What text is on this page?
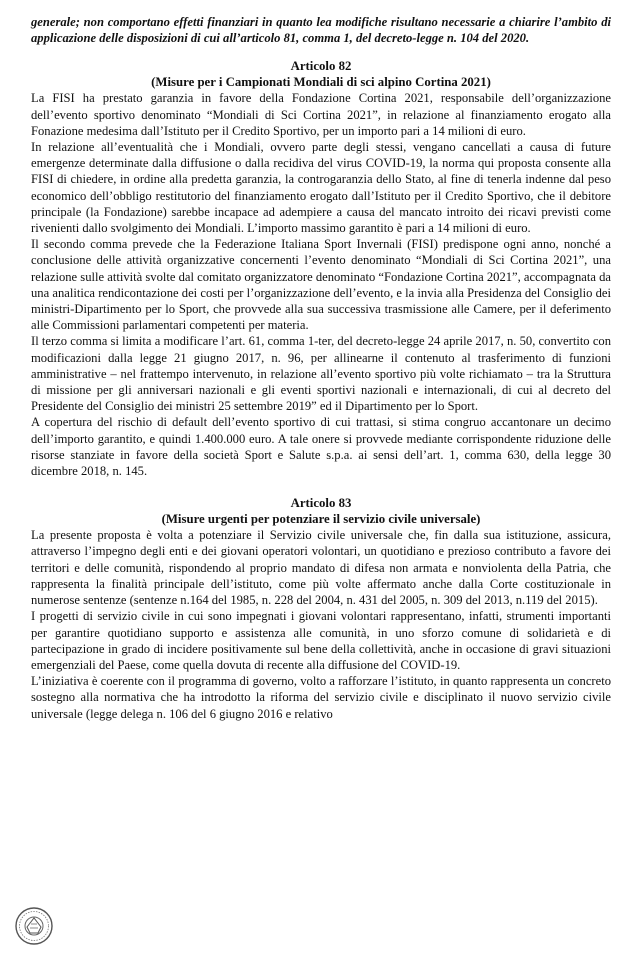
generale; non comportano effetti finanziari in quanto lea modifiche risultano necessarie a chiarire l’ambito di applicazione delle disposizioni di cui all’articolo 81, comma 1, del decreto-legge n. 104 del 2020.

Articolo 82
(Misure per i Campionati Mondiali di sci alpino Cortina 2021)

La FISI ha prestato garanzia in favore della Fondazione Cortina 2021, responsabile dell’organizzazione dell’evento sportivo denominato “Mondiali di Sci Cortina 2021”, in relazione al finanziamento erogato alla Fonazione medesima dall’Istituto per il Credito Sportivo, per un importo pari a 14 milioni di euro.

In relazione all’eventualità che i Mondiali, ovvero parte degli stessi, vengano cancellati a causa di future emergenze determinate dalla diffusione o dalla recidiva del virus COVID-19, la norma qui proposta consente alla FISI di chiedere, in ordine alla predetta garanzia, la controgaranzia dello Stato, al fine di tenerla indenne dal peso economico dell’obbligo restitutorio del finanziamento erogato dall’Istituto per il Credito Sportivo, che il debitore principale (la Fondazione) sarebbe incapace ad adempiere a causa del mancato introito dei ricavi previsti come rivenienti dallo svolgimento dei Mondiali. L’importo massimo garantito è pari a 14 milioni di euro.

Il secondo comma prevede che la Federazione Italiana Sport Invernali (FISI) predispone ogni anno, nonché a conclusione delle attività organizzative concernenti l’evento denominato “Mondiali di Sci Cortina 2021”, una relazione sulle attività svolte dal comitato organizzatore denominato “Fondazione Cortina 2021”, accompagnata da una analitica rendicontazione dei costi per l’organizzazione dell’evento, e la invia alla Presidenza del Consiglio dei ministri-Dipartimento per lo Sport, che provvede alla sua successiva trasmissione alle Camere, per il deferimento alle Commissioni parlamentari competenti per materia.

Il terzo comma si limita a modificare l’art. 61, comma 1-ter, del decreto-legge 24 aprile 2017, n. 50, convertito con modificazioni dalla legge 21 giugno 2017, n. 96, per allinearne il contenuto al trasferimento di funzioni amministrative – nel frattempo intervenuto, in relazione all’evento sportivo più volte richiamato – tra la Struttura di missione per gli anniversari nazionali e gli eventi sportivi nazionali e internazionali, di cui al decreto del Presidente del Consiglio dei ministri 25 settembre 2019” ed il Dipartimento per lo Sport.

A copertura del rischio di default dell’evento sportivo di cui trattasi, si stima congruo accantonare un decimo dell’importo garantito, e quindi 1.400.000 euro. A tale onere si provvede mediante corrispondente riduzione delle risorse stanziate in favore della società Sport e Salute s.p.a. ai sensi dell’art. 1, comma 630, della legge 30 dicembre 2018, n. 145.

Articolo 83
(Misure urgenti per potenziare il servizio civile universale)

La presente proposta è volta a potenziare il Servizio civile universale che, fin dalla sua istituzione, assicura, attraverso l’impegno degli enti e dei giovani operatori volontari, un quotidiano e prezioso contributo a favore dei territori e delle comunità, rispondendo al proprio mandato di difesa non armata e nonviolenta della Patria, che rappresenta la finalità principale dell’istituto, come più volte affermato anche dalla Corte costituzionale in numerose sentenze (sentenze n.164 del 1985, n. 228 del 2004, n. 431 del 2005, n. 309 del 2013, n.119 del 2015).

I progetti di servizio civile in cui sono impegnati i giovani volontari rappresentano, infatti, strumenti importanti per garantire quotidiano supporto e assistenza alle comunità, in uno sforzo comune di solidarietà e di partecipazione in grado di incidere positivamente sul bene della collettività, anche in occasione di gravi situazioni emergenziali del Paese, come quella dovuta di recente alla diffusione del COVID-19.

L’iniziativa è coerente con il programma di governo, volto a rafforzare l’istituto, in quanto rappresenta un concreto sostegno alla normativa che ha introdotto la riforma del servizio civile e disciplinato il nuovo servizio civile universale (legge delega n. 106 del 6 giugno 2016 e relativo
